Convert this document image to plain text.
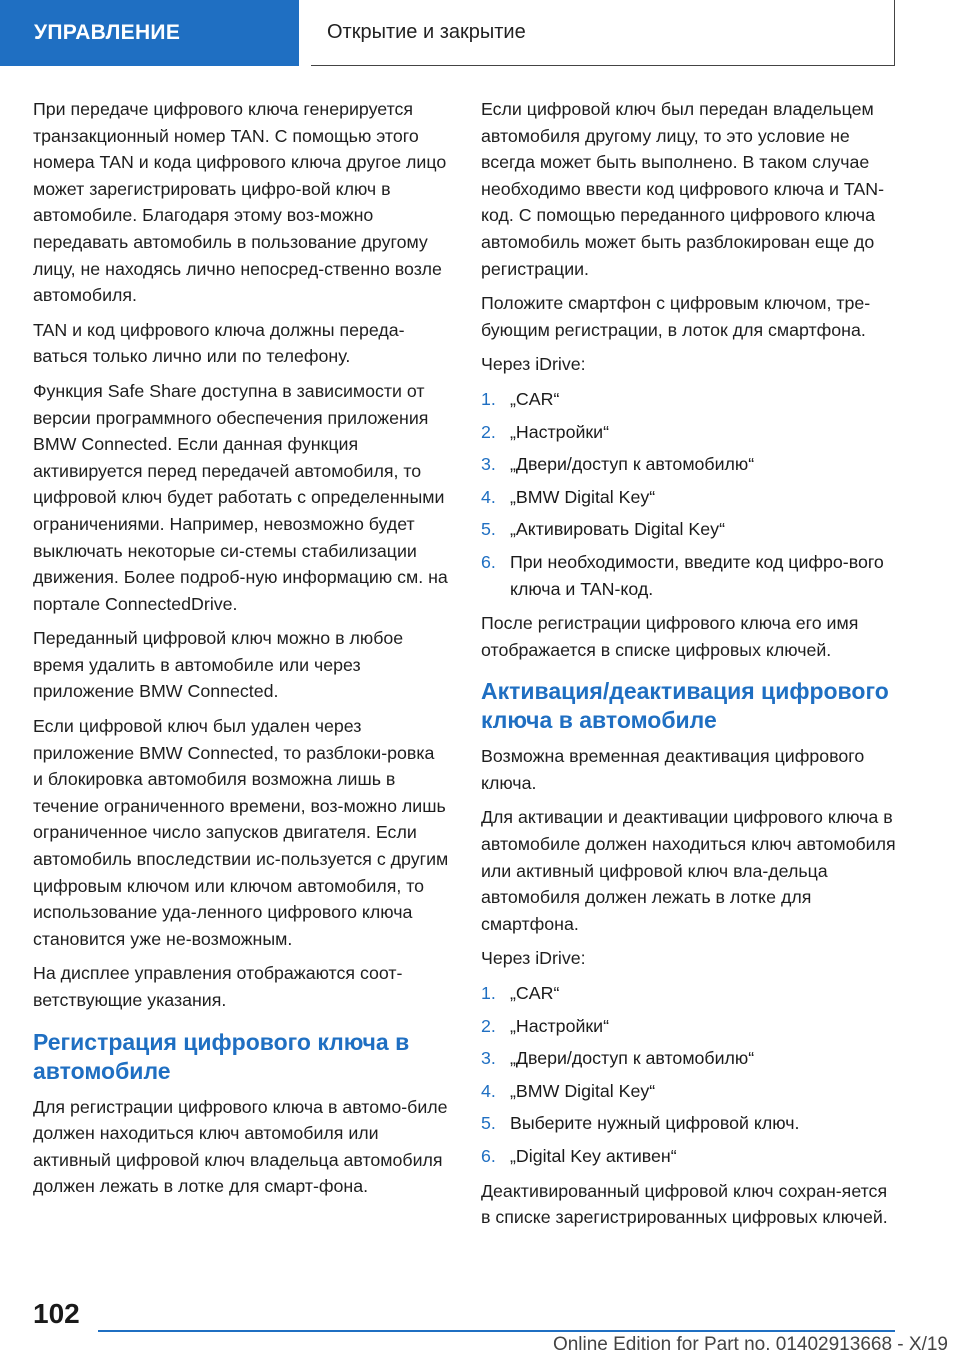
УПРАВЛЕНИЕ	Открытие и закрытие

При передаче цифрового ключа генерируется транзакционный номер TAN. С помощью этого номера TAN и кода цифрового ключа другое лицо может зарегистрировать цифро-вой ключ в автомобиле. Благодаря этому воз-можно передавать автомобиль в пользование другому лицу, не находясь лично непосред-ственно возле автомобиля.

TAN и код цифрового ключа должны переда-ваться только лично или по телефону.

Функция Safe Share доступна в зависимости от версии программного обеспечения приложения BMW Connected. Если данная функция активируется перед передачей автомобиля, то цифровой ключ будет работать с определенными ограничениями. Например, невозможно будет выключать некоторые си-стемы стабилизации движения. Более подроб-ную информацию см. на портале ConnectedDrive.

Переданный цифровой ключ можно в любое время удалить в автомобиле или через приложение BMW Connected.

Если цифровой ключ был удален через приложение BMW Connected, то разблоки-ровка и блокировка автомобиля возможна лишь в течение ограниченного времени, воз-можно лишь ограниченное число запусков двигателя. Если автомобиль впоследствии ис-пользуется с другим цифровым ключом или ключом автомобиля, то использование уда-ленного цифрового ключа становится уже не-возможным.

На дисплее управления отображаются соот-ветствующие указания.

Регистрация цифрового ключа в автомобиле

Для регистрации цифрового ключа в автомо-биле должен находиться ключ автомобиля или активный цифровой ключ владельца автомобиля должен лежать в лотке для смарт-фона.

Если цифровой ключ был передан владельцем автомобиля другому лицу, то это условие не всегда может быть выполнено. В таком случае необходимо ввести код цифрового ключа и TAN-код. С помощью переданного цифрового ключа автомобиль может быть разблокирован еще до регистрации.

Положите смартфон с цифровым ключом, тре-бующим регистрации, в лоток для смартфона.

Через iDrive:

1. „CAR“
2. „Настройки“
3. „Двери/доступ к автомобилю“
4. „BMW Digital Key“
5. „Активировать Digital Key“
6. При необходимости, введите код цифро-вого ключа и TAN-код.

После регистрации цифрового ключа его имя отображается в списке цифровых ключей.

Активация/деактивация цифрового ключа в автомобиле

Возможна временная деактивация цифрового ключа.

Для активации и деактивации цифрового ключа в автомобиле должен находиться ключ автомобиля или активный цифровой ключ вла-дельца автомобиля должен лежать в лотке для смартфона.

Через iDrive:

1. „CAR“
2. „Настройки“
3. „Двери/доступ к автомобилю“
4. „BMW Digital Key“
5. Выберите нужный цифровой ключ.
6. „Digital Key активен“

Деактивированный цифровой ключ сохран-яется в списке зарегистрированных цифровых ключей.

102
Online Edition for Part no. 01402913668 - X/19
